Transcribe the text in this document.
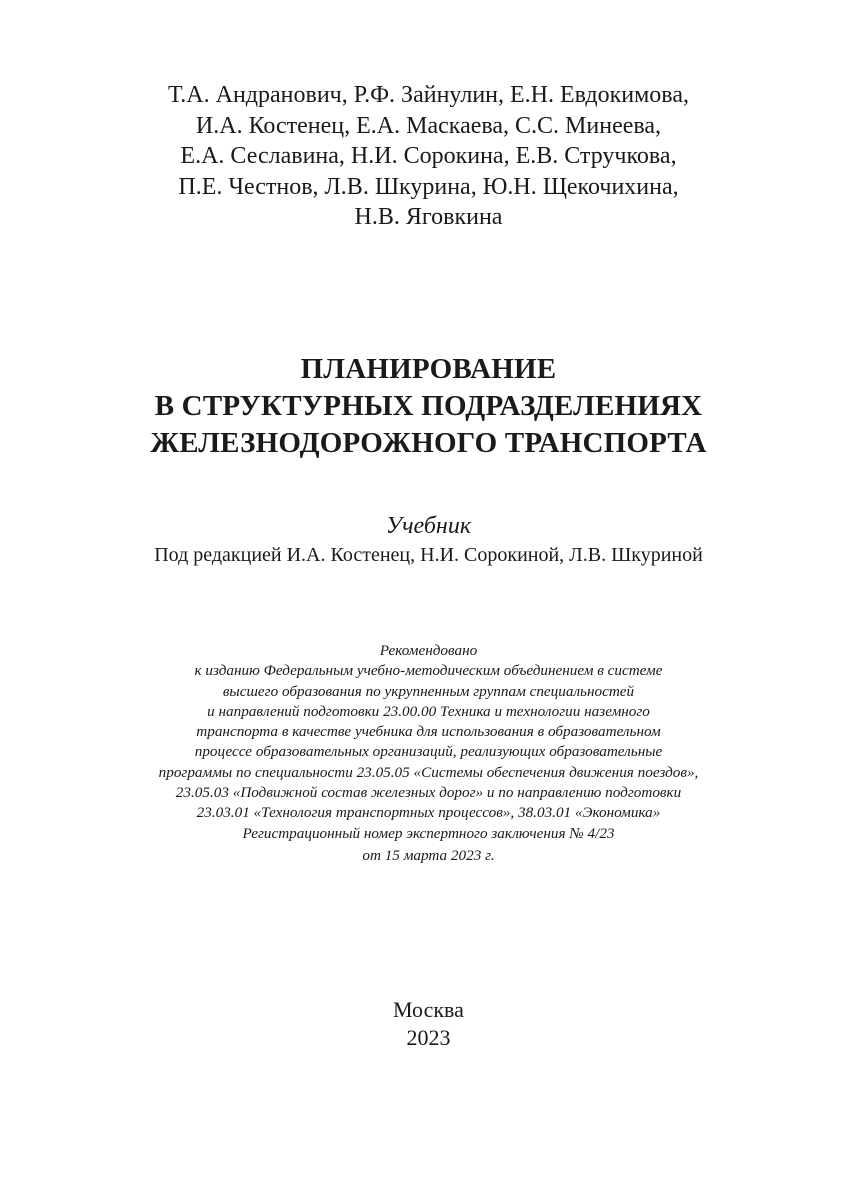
Т.А. Андранович, Р.Ф. Зайнулин, Е.Н. Евдокимова,
И.А. Костенец, Е.А. Маскаева, С.С. Минеева,
Е.А. Сеславина, Н.И. Сорокина, Е.В. Стручкова,
П.Е. Честнов, Л.В. Шкурина, Ю.Н. Щекочихина,
Н.В. Яговкина
ПЛАНИРОВАНИЕ
В СТРУКТУРНЫХ ПОДРАЗДЕЛЕНИЯХ
ЖЕЛЕЗНОДОРОЖНОГО ТРАНСПОРТА
Учебник
Под редакцией И.А. Костенец, Н.И. Сорокиной, Л.В. Шкуриной
Рекомендовано
к изданию Федеральным учебно-методическим объединением в системе
высшего образования по укрупненным группам специальностей
и направлений подготовки 23.00.00 Техника и технологии наземного
транспорта в качестве учебника для использования в образовательном
процессе образовательных организаций, реализующих образовательные
программы по специальности 23.05.05 «Системы обеспечения движения поездов»,
23.05.03 «Подвижной состав железных дорог» и по направлению подготовки
23.03.01 «Технология транспортных процессов», 38.03.01 «Экономика»
Регистрационный номер экспертного заключения № 4/23
от 15 марта 2023 г.
Москва
2023
